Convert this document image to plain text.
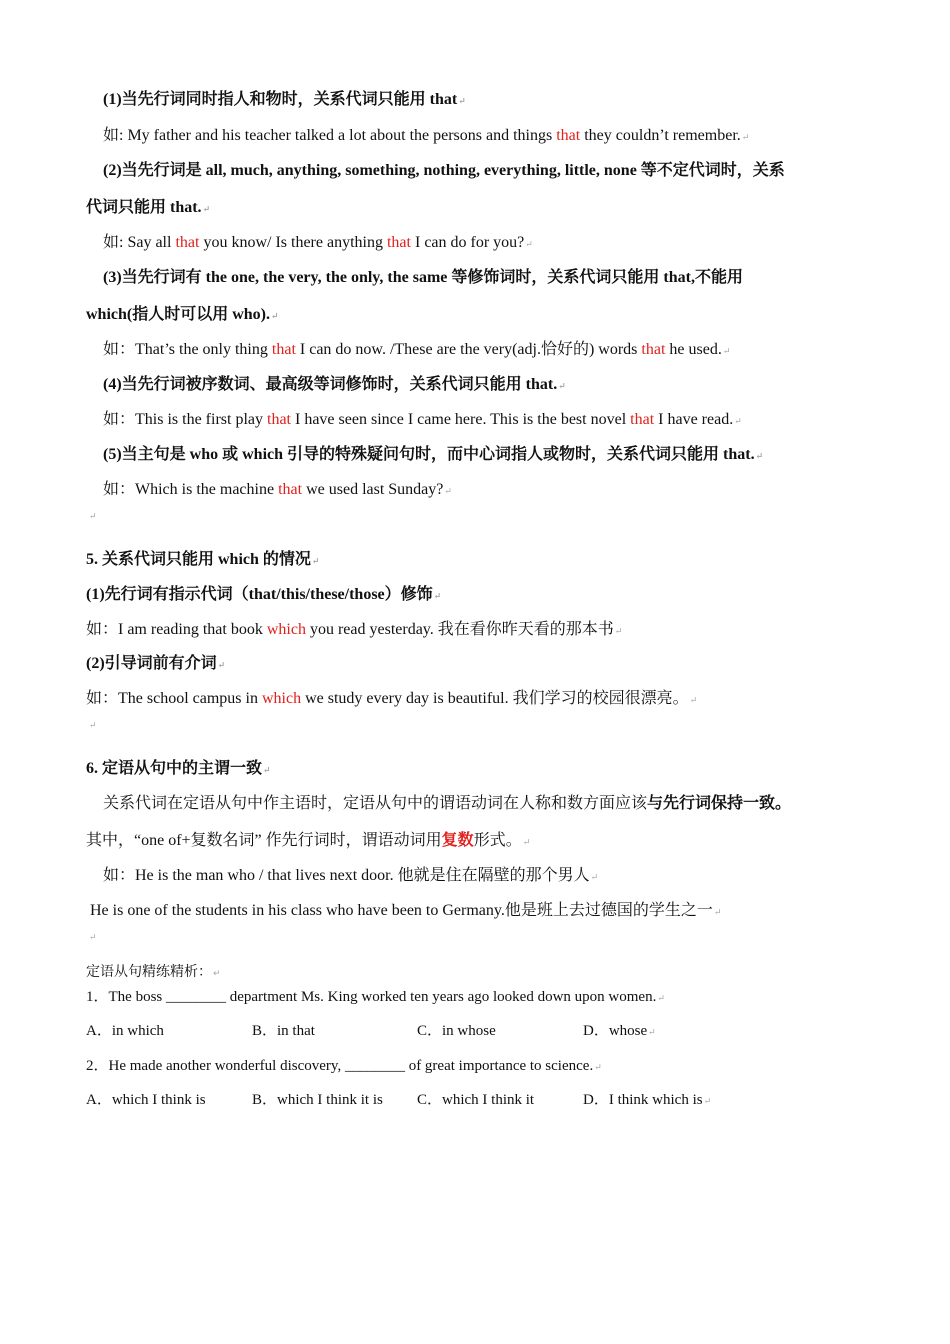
(1)当先行词同时指人和物时，关系代词只能用 that↵
如: My father and his teacher talked a lot about the persons and things that they couldn’t remember.↵
(2)当先行词是 all, much, anything, something, nothing, everything, little, none 等不定代词时，关系
代词只能用 that.↵
如: Say all that you know/ Is there anything that I can do for you?↵
(3)当先行词有 the one, the very, the only, the same 等修饰词时，关系代词只能用 that,不能用
which(指人时可以用 who).↵
如：That’s the only thing that I can do now. /These are the very(adj.恰好的) words that he used.↵
(4)当先行词被序数词、最高级等词修饰时，关系代词只能用 that.↵
如：This is the first play that I have seen since I came here. This is the best novel that I have read.↵
(5)当主句是 who 或 which 引导的特殊疑问句时，而中心词指人或物时，关系代词只能用 that.↵
如：Which is the machine that we used last Sunday?↵
↵
5. 关系代词只能用 which 的情况↵
(1)先行词有指示代词（that/this/these/those）修饰↵
如：I am reading that book which you read yesterday. 我在看你昨天看的那本书↵
(2)引导词前有介词↵
如：The school campus in which we study every day is beautiful. 我们学习的校园很漂亮。↵
↵
6. 定语从句中的主谓一致↵
关系代词在定语从句中作主语时，定语从句中的谓语动词在人称和数方面应该与先行词保持一致。
其中，“one of+复数名词” 作先行词时，谓语动词用复数形式。↵
如：He is the man who / that lives next door. 他就是住在隔壁的那个男人↵
He is one of the students in his class who have been to Germany.他是班上去过德国的学生之一↵
↵
定语从句精练精析：↵
1．The boss ________ department Ms. King worked ten years ago looked down upon women.↵
A．in which	B．in that	C．in whose	D．whose↵
2．He made another wonderful discovery, ________ of great importance to science.↵
A．which I think is	B．which I think it is C．which I think it	D．I think which is↵
